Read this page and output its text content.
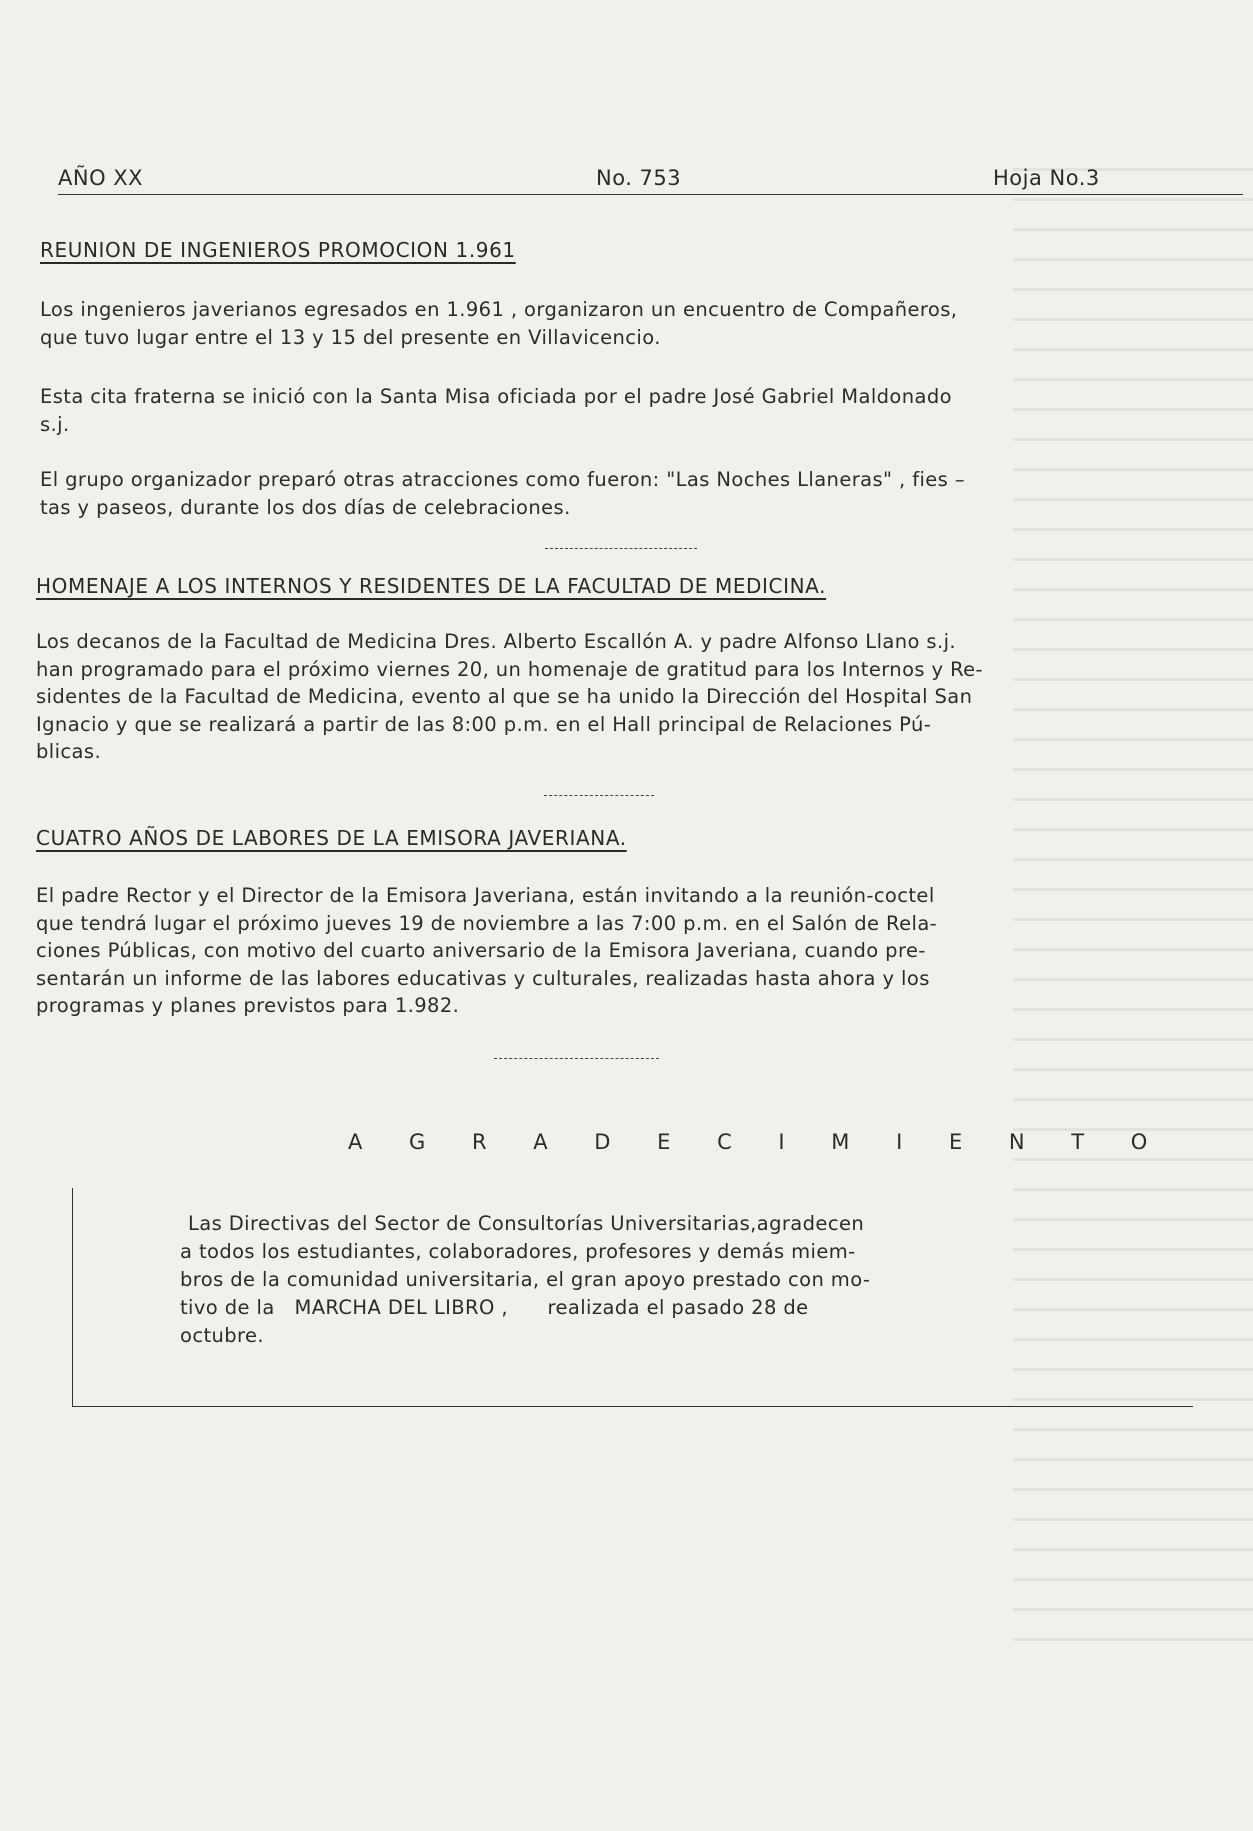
AÑO XX	No. 753	Hoja No.3
REUNION DE INGENIEROS PROMOCION 1.961

Los ingenieros javerianos egresados en 1.961 , organizaron un encuentro de Compañeros,
que tuvo lugar entre el 13 y 15 del presente en Villavicencio.

Esta cita fraterna se inició con la Santa Misa oficiada por el padre José Gabriel Maldonado
s.j.

El grupo organizador preparó otras atracciones como fueron: "Las Noches Llaneras" , fies –
tas y paseos, durante los dos días de celebraciones.

HOMENAJE A LOS INTERNOS Y RESIDENTES DE LA FACULTAD DE MEDICINA.

Los decanos de la Facultad de Medicina Dres. Alberto Escallón A. y padre Alfonso Llano s.j.
han programado para el próximo viernes 20, un homenaje de gratitud para los Internos y Re-
sidentes de la Facultad de Medicina, evento al que se ha unido la Dirección del Hospital San
Ignacio y que se realizará a partir de las 8:00 p.m. en el Hall principal de Relaciones Pú-
blicas.

CUATRO AÑOS DE LABORES DE LA EMISORA JAVERIANA.

El padre Rector y el Director de la Emisora Javeriana, están invitando a la reunión-coctel
que tendrá lugar el próximo jueves 19 de noviembre a las 7:00 p.m. en el Salón de Rela-
ciones Públicas, con motivo del cuarto aniversario de la Emisora Javeriana, cuando pre-
sentarán un informe de las labores educativas y culturales, realizadas hasta ahora y los
programas y planes previstos para 1.982.

A G R A D E C I M I E N T O
Las Directivas del Sector de Consultorías Universitarias,agradecen
a todos los estudiantes, colaboradores, profesores y demás miem-
bros de la comunidad universitaria, el gran apoyo prestado con mo-
tivo de la   MARCHA DEL LIBRO ,      realizada el pasado 28 de
octubre.
